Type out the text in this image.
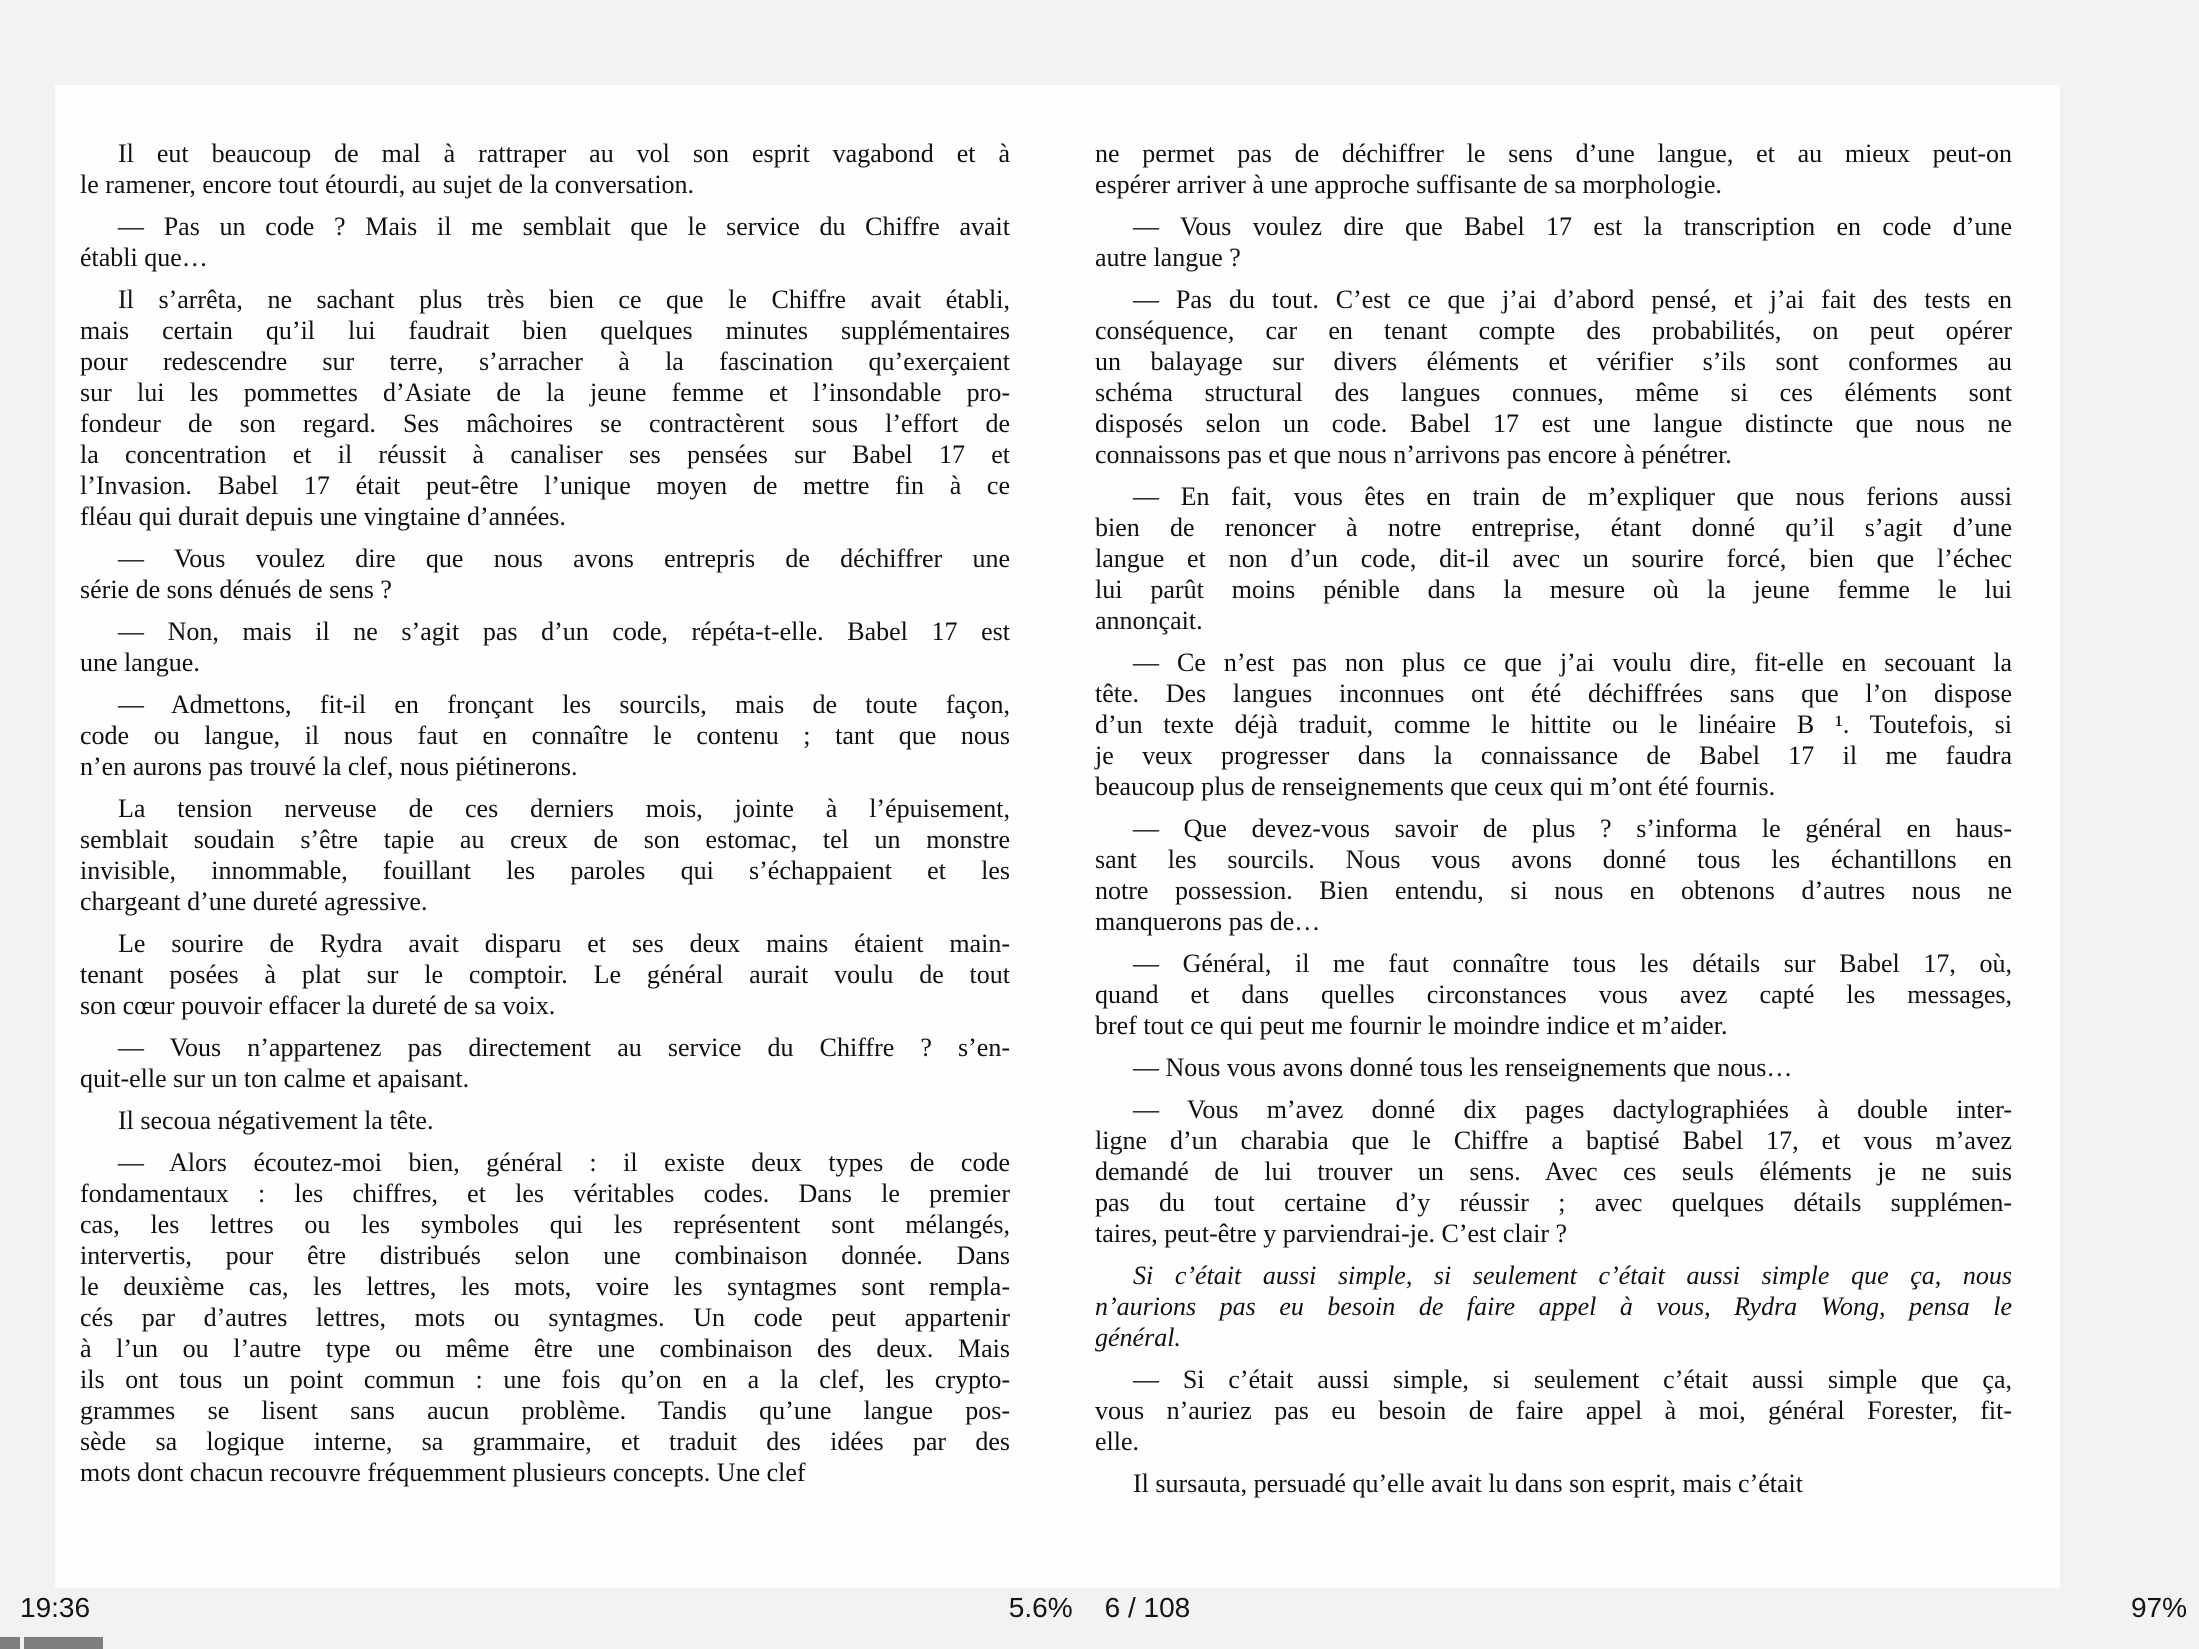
Il eut beaucoup de mal à rattraper au vol son esprit vagabond et à
le ramener, encore tout étourdi, au sujet de la conversation.

— Pas un code ? Mais il me semblait que le service du Chiffre avait
établi que…

Il s’arrêta, ne sachant plus très bien ce que le Chiffre avait établi,
mais certain qu’il lui faudrait bien quelques minutes supplémentaires
pour redescendre sur terre, s’arracher à la fascination qu’exerçaient
sur lui les pommettes d’Asiate de la jeune femme et l’insondable pro-
fondeur de son regard. Ses mâchoires se contractèrent sous l’effort de
la concentration et il réussit à canaliser ses pensées sur Babel 17 et
l’Invasion. Babel 17 était peut-être l’unique moyen de mettre fin à ce
fléau qui durait depuis une vingtaine d’années.

— Vous voulez dire que nous avons entrepris de déchiffrer une
série de sons dénués de sens ?

— Non, mais il ne s’agit pas d’un code, répéta-t-elle. Babel 17 est
une langue.

— Admettons, fit-il en fronçant les sourcils, mais de toute façon,
code ou langue, il nous faut en connaître le contenu ; tant que nous
n’en aurons pas trouvé la clef, nous piétinerons.

La tension nerveuse de ces derniers mois, jointe à l’épuisement,
semblait soudain s’être tapie au creux de son estomac, tel un monstre
invisible, innommable, fouillant les paroles qui s’échappaient et les
chargeant d’une dureté agressive.

Le sourire de Rydra avait disparu et ses deux mains étaient main-
tenant posées à plat sur le comptoir. Le général aurait voulu de tout
son cœur pouvoir effacer la dureté de sa voix.

— Vous n’appartenez pas directement au service du Chiffre ? s’en-
quit-elle sur un ton calme et apaisant.

Il secoua négativement la tête.

— Alors écoutez-moi bien, général : il existe deux types de code
fondamentaux : les chiffres, et les véritables codes. Dans le premier
cas, les lettres ou les symboles qui les représentent sont mélangés,
intervertis, pour être distribués selon une combinaison donnée. Dans
le deuxième cas, les lettres, les mots, voire les syntagmes sont rempla-
cés par d’autres lettres, mots ou syntagmes. Un code peut appartenir
à l’un ou l’autre type ou même être une combinaison des deux. Mais
ils ont tous un point commun : une fois qu’on en a la clef, les crypto-
grammes se lisent sans aucun problème. Tandis qu’une langue pos-
sède sa logique interne, sa grammaire, et traduit des idées par des
mots dont chacun recouvre fréquemment plusieurs concepts. Une clef

ne permet pas de déchiffrer le sens d’une langue, et au mieux peut-on
espérer arriver à une approche suffisante de sa morphologie.

— Vous voulez dire que Babel 17 est la transcription en code d’une
autre langue ?

— Pas du tout. C’est ce que j’ai d’abord pensé, et j’ai fait des tests en
conséquence, car en tenant compte des probabilités, on peut opérer
un balayage sur divers éléments et vérifier s’ils sont conformes au
schéma structural des langues connues, même si ces éléments sont
disposés selon un code. Babel 17 est une langue distincte que nous ne
connaissons pas et que nous n’arrivons pas encore à pénétrer.

— En fait, vous êtes en train de m’expliquer que nous ferions aussi
bien de renoncer à notre entreprise, étant donné qu’il s’agit d’une
langue et non d’un code, dit-il avec un sourire forcé, bien que l’échec
lui parût moins pénible dans la mesure où la jeune femme le lui
annonçait.

— Ce n’est pas non plus ce que j’ai voulu dire, fit-elle en secouant la
tête. Des langues inconnues ont été déchiffrées sans que l’on dispose
d’un texte déjà traduit, comme le hittite ou le linéaire B ¹. Toutefois, si
je veux progresser dans la connaissance de Babel 17 il me faudra
beaucoup plus de renseignements que ceux qui m’ont été fournis.

— Que devez-vous savoir de plus ? s’informa le général en haus-
sant les sourcils. Nous vous avons donné tous les échantillons en
notre possession. Bien entendu, si nous en obtenons d’autres nous ne
manquerons pas de…

— Général, il me faut connaître tous les détails sur Babel 17, où,
quand et dans quelles circonstances vous avez capté les messages,
bref tout ce qui peut me fournir le moindre indice et m’aider.

— Nous vous avons donné tous les renseignements que nous…

— Vous m’avez donné dix pages dactylographiées à double inter-
ligne d’un charabia que le Chiffre a baptisé Babel 17, et vous m’avez
demandé de lui trouver un sens. Avec ces seuls éléments je ne suis
pas du tout certaine d’y réussir ; avec quelques détails supplémen-
taires, peut-être y parviendrai-je. C’est clair ?

Si c’était aussi simple, si seulement c’était aussi simple que ça, nous
n’aurions pas eu besoin de faire appel à vous, Rydra Wong, pensa le
général.

— Si c’était aussi simple, si seulement c’était aussi simple que ça,
vous n’auriez pas eu besoin de faire appel à moi, général Forester, fit-
elle.

Il sursauta, persuadé qu’elle avait lu dans son esprit, mais c’était

19:36	5.6% 6 / 108	97%
